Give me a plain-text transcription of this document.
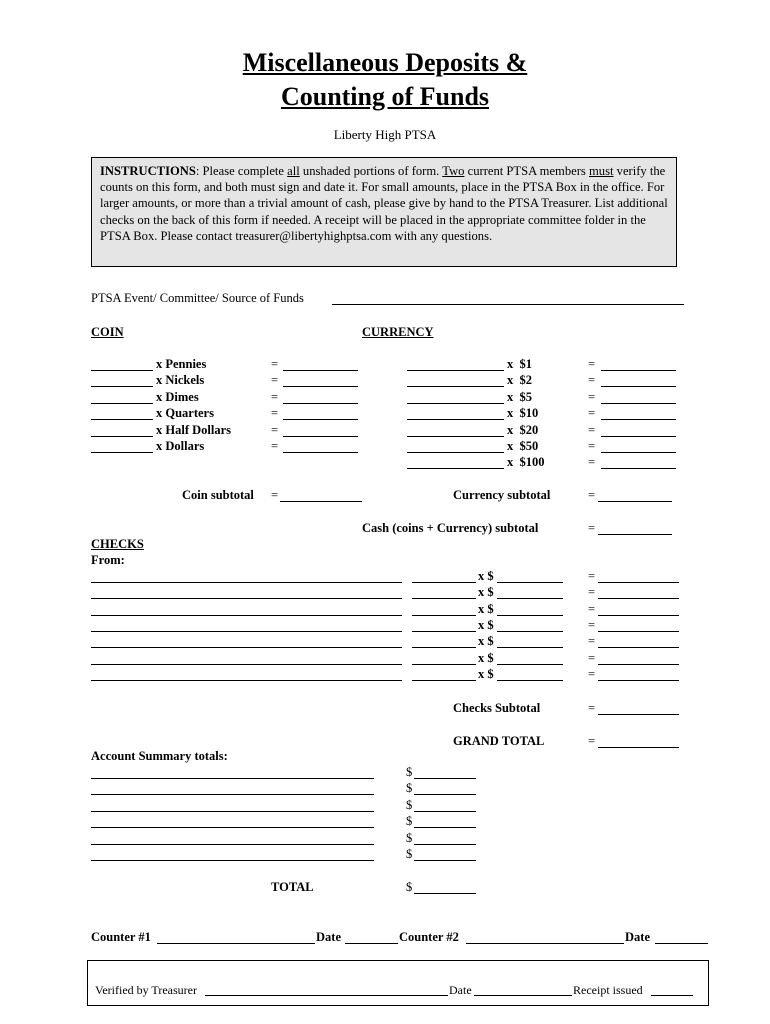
Miscellaneous Deposits &
Counting of Funds
Liberty High PTSA
INSTRUCTIONS: Please complete all unshaded portions of form. Two current PTSA members must verify the counts on this form, and both must sign and date it. For small amounts, place in the PTSA Box in the office. For larger amounts, or more than a trivial amount of cash, please give by hand to the PTSA Treasurer. List additional checks on the back of this form if needed. A receipt will be placed in the appropriate committee folder in the PTSA Box. Please contact treasurer@libertyhighptsa.com with any questions.
PTSA Event/ Committee/ Source of Funds
COIN	CURRENCY
x Pennies	=
x Nickels	=
x Dimes	=
x Quarters	=
x Half Dollars	=
x Dollars	=
x  $1	=
x  $2	=
x  $5	=
x  $10	=
x  $20	=
x  $50	=
x  $100	=
Coin subtotal =	Currency subtotal	=
Cash (coins + Currency) subtotal	=
CHECKS
From:
x $	=
x $	=
x $	=
x $	=
x $	=
x $	=
x $	=
Checks Subtotal	=
GRAND TOTAL	=
Account Summary totals:
$
$
$
$
$
$
TOTAL	$
Counter #1	Date	Counter #2	Date
Verified by Treasurer	Date	Receipt issued
